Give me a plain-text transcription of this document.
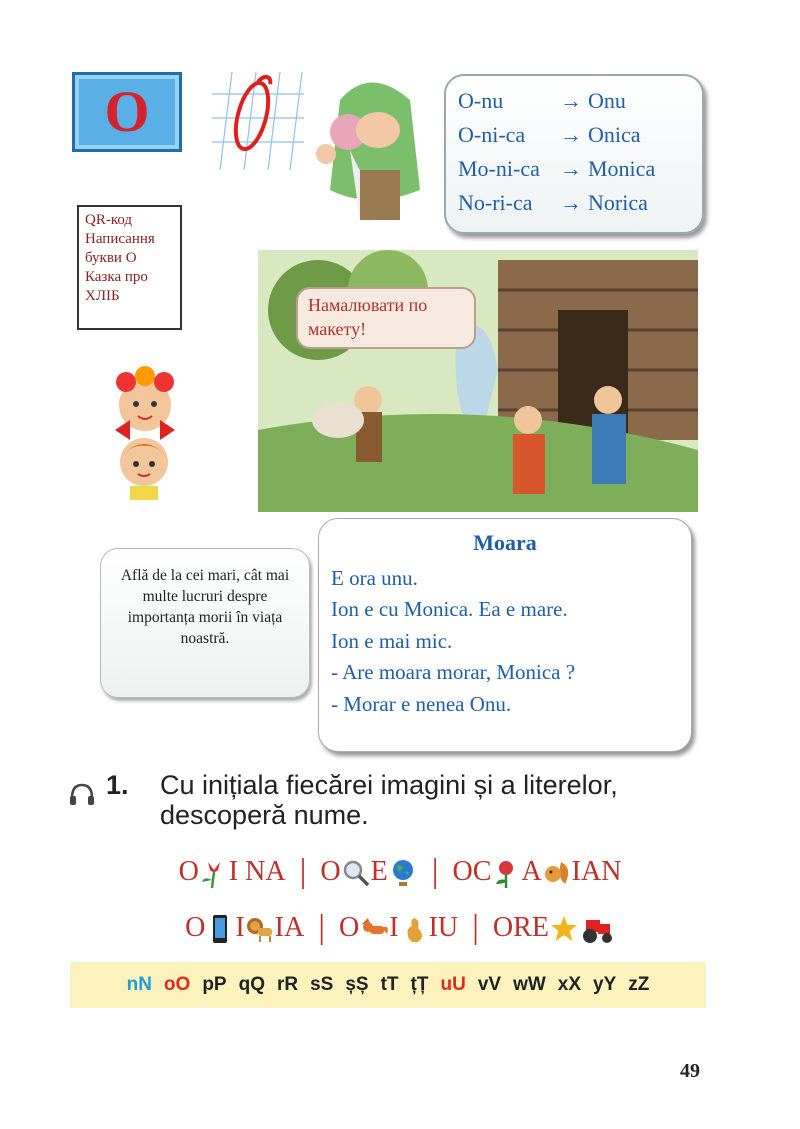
O	O-nu	→ Onu
O-ni-ca	→ Onica
Mo-ni-ca → Monica
No-ri-ca	→ Norica
QR-код
Написання
букви О
Казка про
ХЛІБ	Намалювати по макету!
Află de la cei mari, cât mai multe lucruri despre importanța morii în viața noastră.
Moara
E ora unu.
Ion e cu Monica. Ea e mare.
Ion e mai mic.
- Are moara morar, Monica ?
- Morar e nenea Onu.
1. Cu inițiala fiecărei imagini și a literelor, descoperă nume.
O I NA | O E	| OC A IAN
O I IA | O I IU | ORE
nN oO pP qQ rR sS șȘ tT țȚ uU vV wW xX yY zZ
49
